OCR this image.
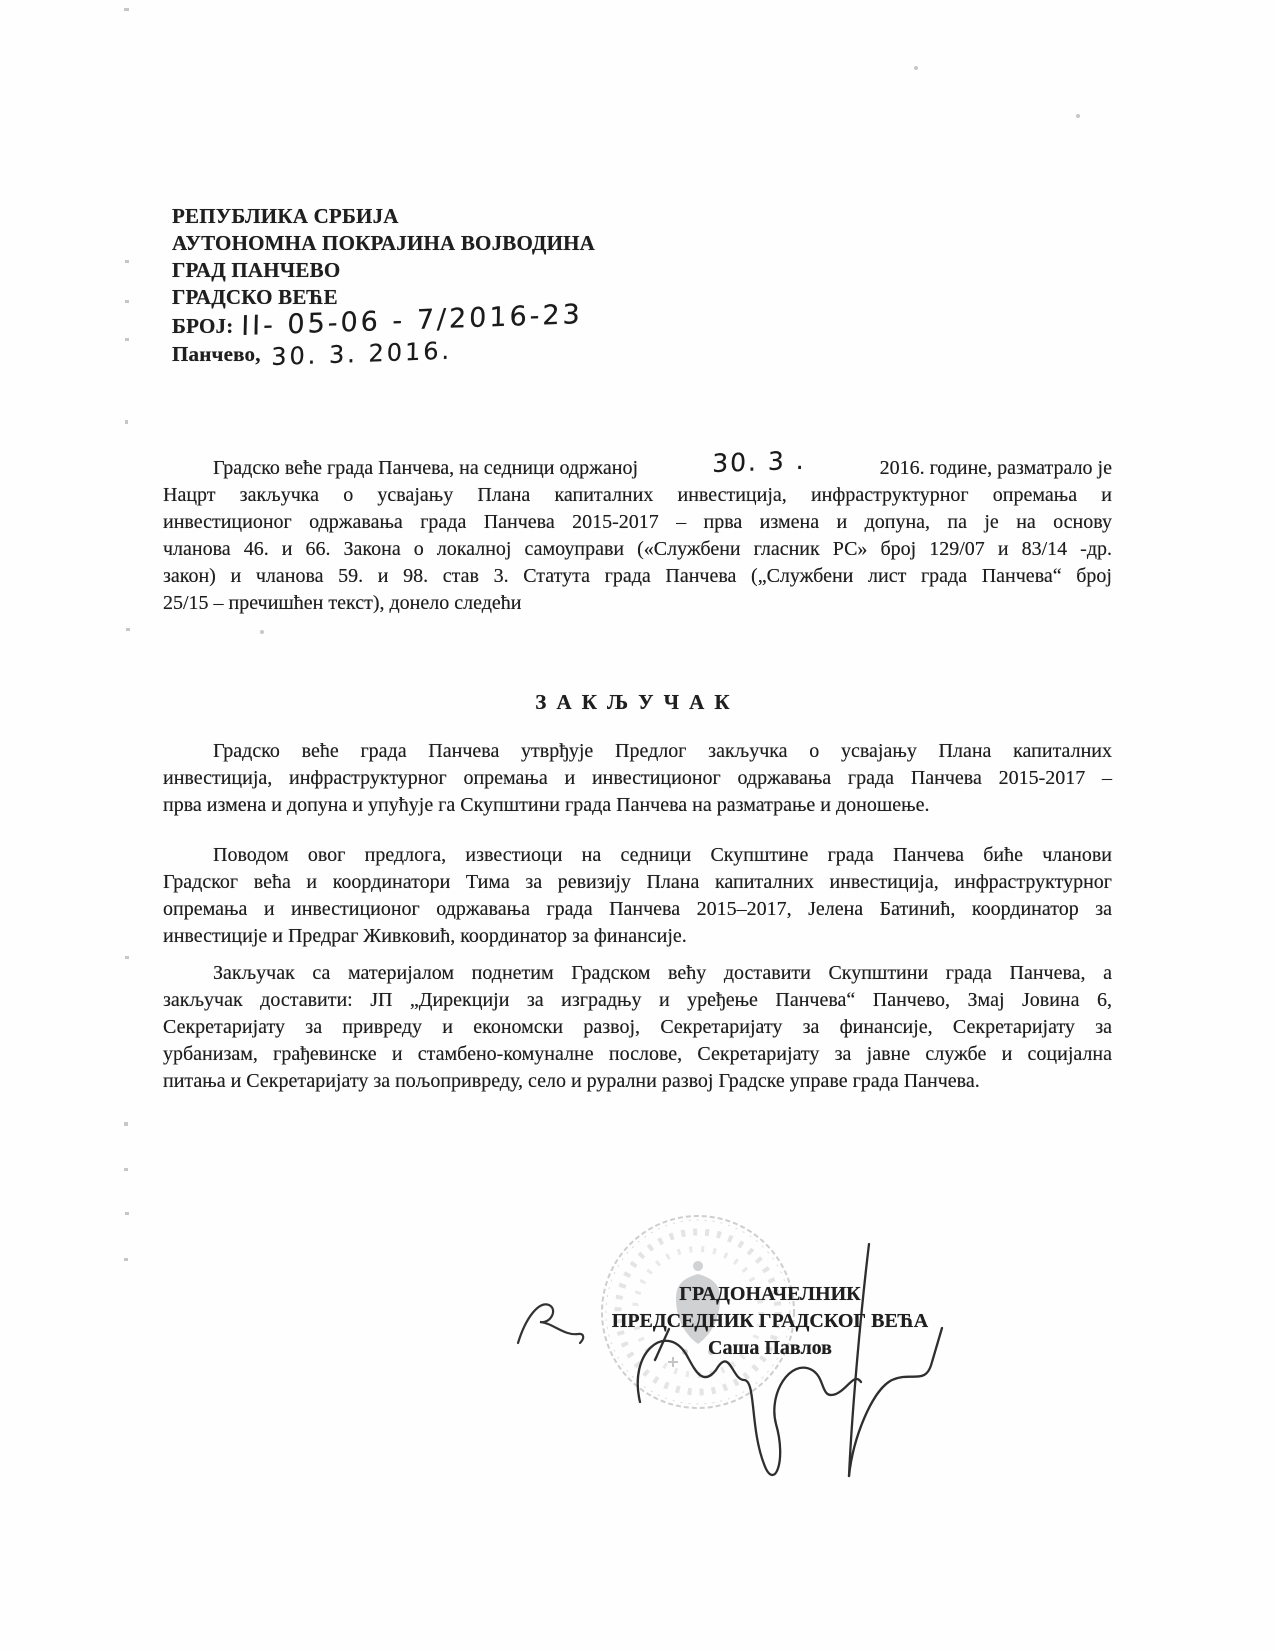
РЕПУБЛИКА СРБИЈА
АУТОНОМНА ПОКРАЈИНА ВОЈВОДИНА
ГРАД ПАНЧЕВО
ГРАДСКО ВЕЋЕ
БРОЈ: II- 05-06 - 7/2016-23
Панчево, 30. 3. 2016.
Градско веће града Панчева, на седници одржаној	30. 3 .	2016. године, разматрало је
Нацрт закључка о усвајању Плана капиталних инвестиција, инфраструктурног опремања и
инвестиционог одржавања града Панчева 2015-2017 – прва измена и допуна, па је на основу
чланова 46. и 66. Закона о локалној самоуправи («Службени гласник РС» број 129/07 и 83/14 -др.
закон) и чланова 59. и 98. став 3. Статута града Панчева („Службени лист града Панчева“ број
25/15 – пречишћен текст), донело следећи
ЗАКЉУЧАК
Градско веће града Панчева утврђује Предлог закључка о усвајању Плана капиталних
инвестиција, инфраструктурног опремања и инвестиционог одржавања града Панчева 2015-2017 –
прва измена и допуна и упућује га Скупштини града Панчева на разматрање и доношење.
Поводом овог предлога, известиоци на седници Скупштине града Панчева биће чланови
Градског већа и координатори Тима за ревизију Плана капиталних инвестиција, инфраструктурног
опремања и инвестиционог одржавања града Панчева 2015–2017, Јелена Батинић, координатор за
инвестиције и Предраг Живковић, координатор за финансије.
Закључак са материјалом поднетим Градском већу доставити Скупштини града Панчева, а
закључак доставити: ЈП „Дирекцији за изградњу и уређење Панчева“ Панчево, Змај Јовина 6,
Секретаријату за привреду и економски развој, Секретаријату за финансије, Секретаријату за
урбанизам, грађевинске и стамбено-комуналне послове, Секретаријату за јавне службе и социјална
питања и Секретаријату за пољопривреду, село и рурални развој Градске управе града Панчева.
ГРАДОНАЧЕЛНИК
ПРЕДСЕДНИК ГРАДСКОГ ВЕЋА
Саша Павлов
